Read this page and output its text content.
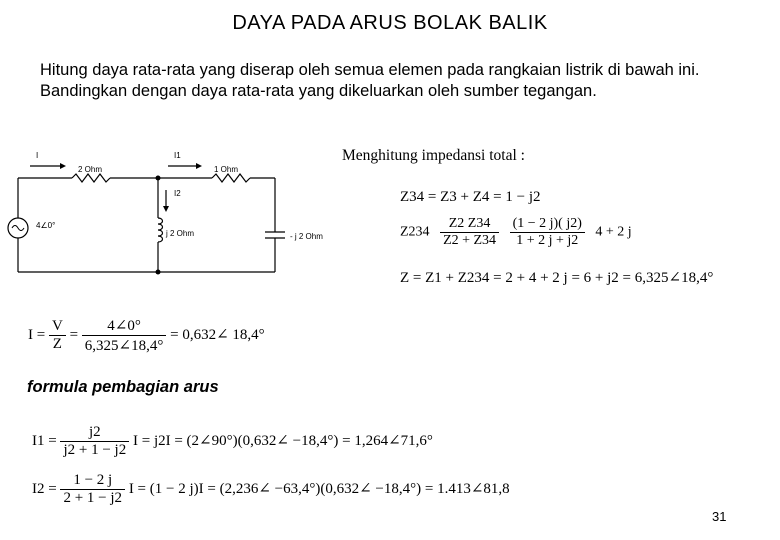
DAYA PADA ARUS BOLAK BALIK
Hitung daya rata-rata yang diserap oleh semua elemen pada rangkaian listrik di bawah ini. Bandingkan dengan daya rata-rata yang dikeluarkan oleh sumber tegangan.
I	I1
I2
2 Ohm	1 Ohm
4∠0°
j 2 Ohm	- j 2 Ohm
Menghitung impedansi total :
Z34 = Z3 + Z4 = 1 − j2
$Z234 \frac{Z2 Z34}{Z2 + Z34}$
$\frac{(1 - 2 j)( j2)}{1 + 2 j + j2} 4 + 2$ j
Z = Z1 + Z234 = 2 + 4 + 2 j = 6 + j2 = 6,325∠18,4°
$I = \frac{V}{Z} = \frac{4\angle 0^\circ}{6,325\angle 18,4^\circ}$ = 0,632∠ 18,4°
formula pembagian arus
$I1 = \frac{j2}{j2 + 1 - j2}$ I = j2I = (2∠90°)(0,632∠ −18,4°) = 1,264∠71,6°
$I2 = \frac{1 - 2 j}{2 + 1 - j2}$ I = (1 − 2 j)I = (2,236∠ −63,4°)(0,632∠ −18,4°) = 1.413∠81,8
31
